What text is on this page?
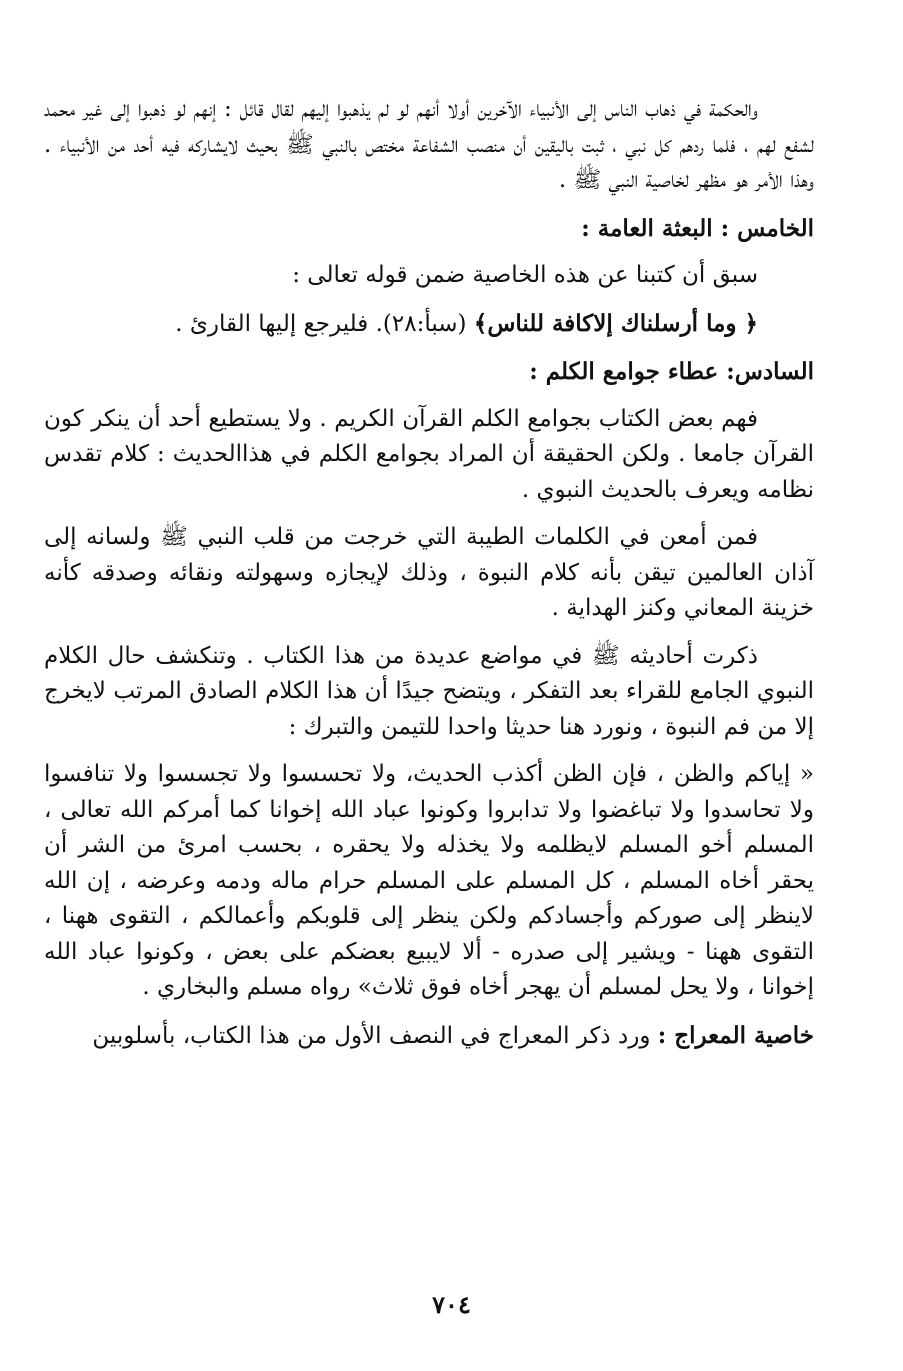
والحكمة في ذهاب الناس إلى الأنبياء الآخرين أولا أنهم لو لم يذهبوا إليهم لقال قائل : إنهم لو ذهبوا إلى غير محمد لشفع لهم ، فلما ردهم كل نبي ، ثبت باليقين أن منصب الشفاعة مختص بالنبي ﷺ بحيث لايشاركه فيه أحد من الأنبياء . وهذا الأمر هو مظهر لخاصية النبي ﷺ .

الخامس : البعثة العامة :

سبق أن كتبنا عن هذه الخاصية ضمن قوله تعالى :

﴿ وما أرسلناك إلاكافة للناس﴾ (سبأ:٢٨). فليرجع إليها القارئ .

السادس: عطاء جوامع الكلم :

فهم بعض الكتاب بجوامع الكلم القرآن الكريم . ولا يستطيع أحد أن ينكر كون القرآن جامعا . ولكن الحقيقة أن المراد بجوامع الكلم في هذاالحديث : كلام تقدس نظامه ويعرف بالحديث النبوي .

فمن أمعن في الكلمات الطيبة التي خرجت من قلب النبي ﷺ ولسانه إلى آذان العالمين تيقن بأنه كلام النبوة ، وذلك لإيجازه وسهولته ونقائه وصدقه كأنه خزينة المعاني وكنز الهداية .

ذكرت أحاديثه ﷺ في مواضع عديدة من هذا الكتاب . وتنكشف حال الكلام النبوي الجامع للقراء بعد التفكر ، ويتضح جيدًا أن هذا الكلام الصادق المرتب لايخرج إلا من فم النبوة ، ونورد هنا حديثا واحدا للتيمن والتبرك :

« إياكم والظن ، فإن الظن أكذب الحديث، ولا تحسسوا ولا تجسسوا ولا تنافسوا ولا تحاسدوا ولا تباغضوا ولا تدابروا وكونوا عباد الله إخوانا كما أمركم الله تعالى ، المسلم أخو المسلم لايظلمه ولا يخذله ولا يحقره ، بحسب امرئ من الشر أن يحقر أخاه المسلم ، كل المسلم على المسلم حرام ماله ودمه وعرضه ، إن الله لاينظر إلى صوركم وأجسادكم ولكن ينظر إلى قلوبكم وأعمالكم ، التقوى ههنا ، التقوى ههنا - ويشير إلى صدره - ألا لايبيع بعضكم على بعض ، وكونوا عباد الله إخوانا ، ولا يحل لمسلم أن يهجر أخاه فوق ثلاث» رواه مسلم والبخاري .

خاصية المعراج : ورد ذكر المعراج في النصف الأول من هذا الكتاب، بأسلوبين

٧٠٤
